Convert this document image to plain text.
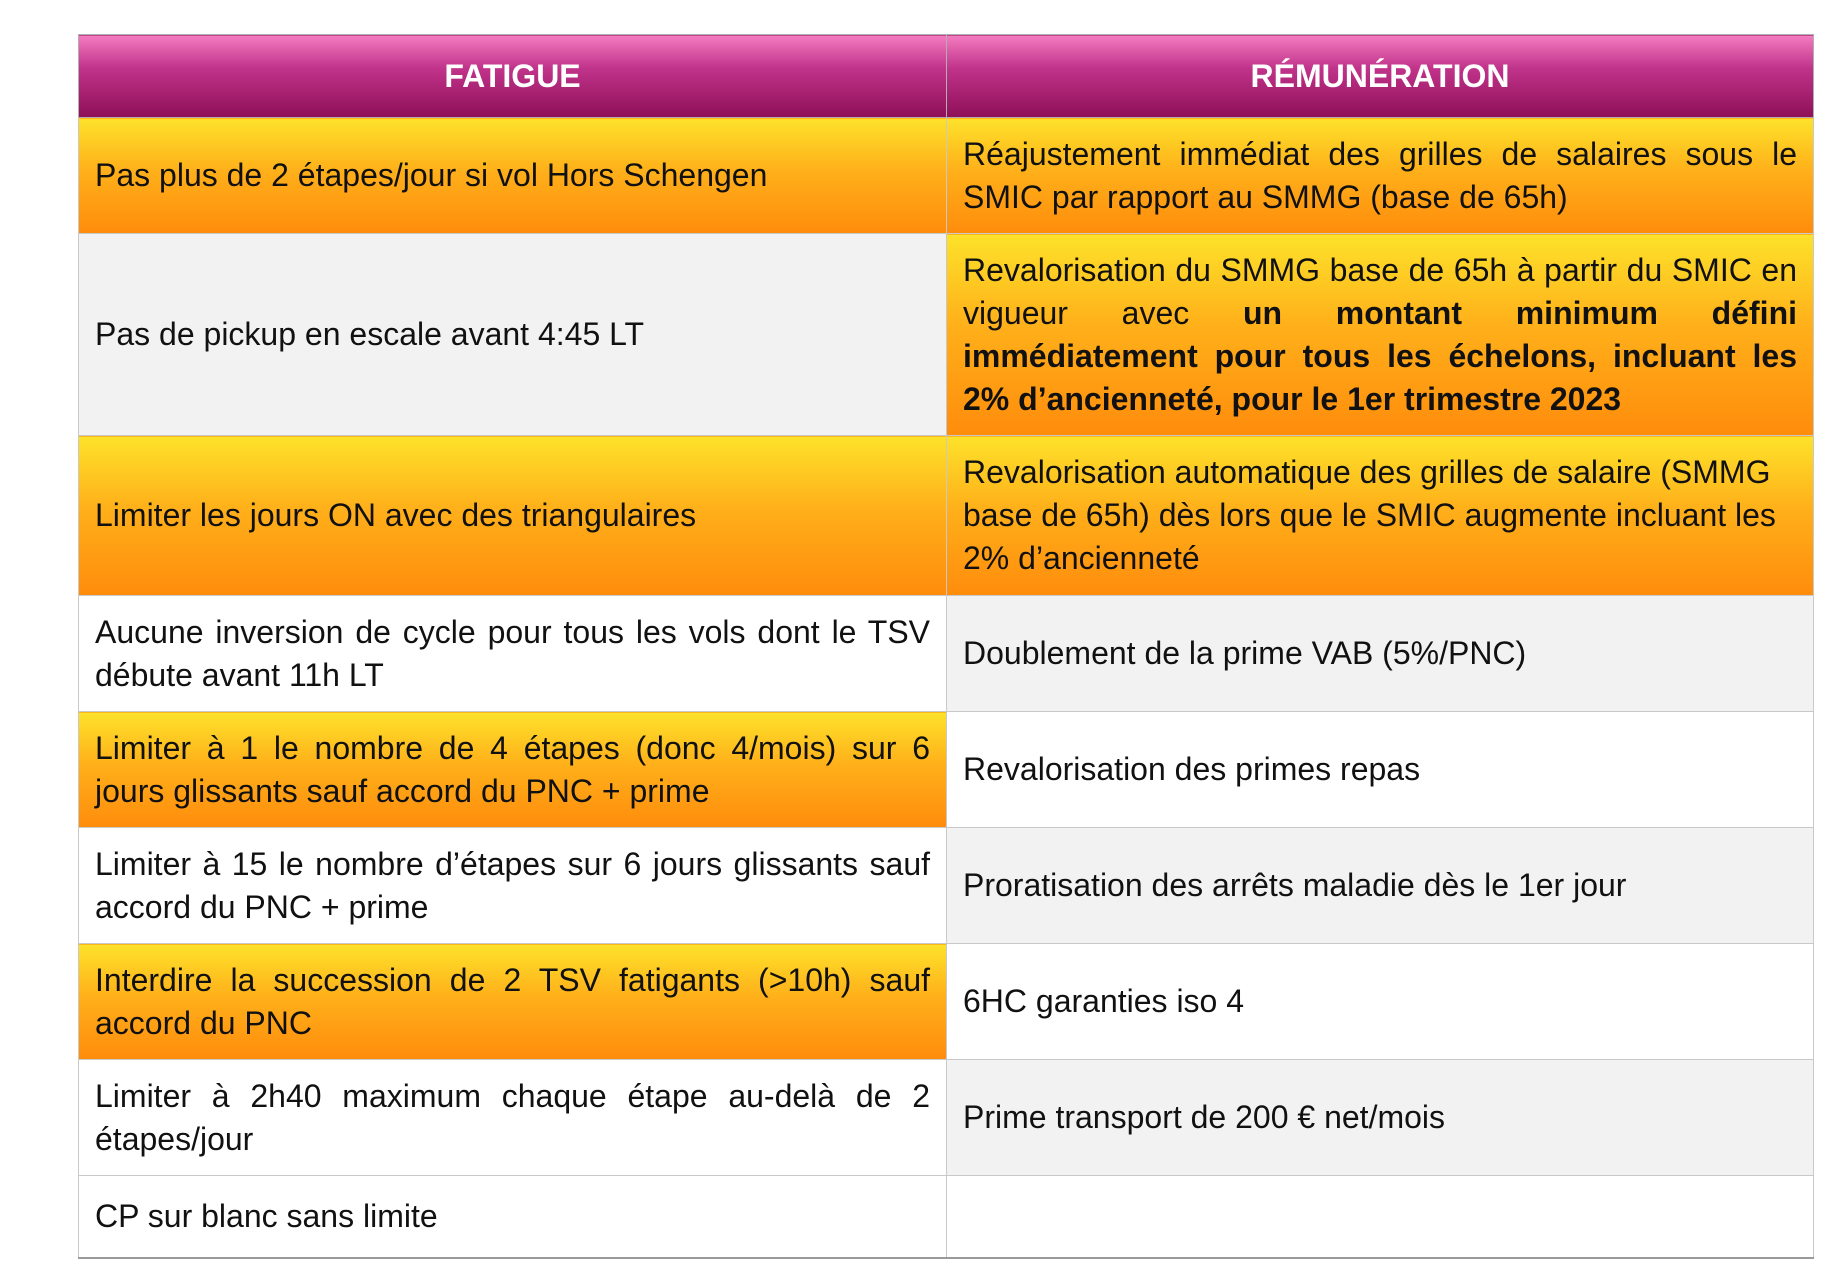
FATIGUE	RÉMUNÉRATION
Pas plus de 2 étapes/jour si vol Hors Schengen	Réajustement immédiat des grilles de salaires sous le SMIC par rapport au SMMG (base de 65h)
Pas de pickup en escale avant 4:45 LT	Revalorisation du SMMG base de 65h à partir du SMIC en vigueur avec un montant minimum défini immédiatement pour tous les échelons, incluant les 2% d’ancienneté, pour le 1er trimestre 2023
Limiter les jours ON avec des triangulaires	Revalorisation automatique des grilles de salaire (SMMG base de 65h) dès lors que le SMIC augmente incluant les 2% d’ancienneté
Aucune inversion de cycle pour tous les vols dont le TSV débute avant 11h LT	Doublement de la prime VAB (5%/PNC)
Limiter à 1 le nombre de 4 étapes (donc 4/mois) sur 6 jours glissants sauf accord du PNC + prime	Revalorisation des primes repas
Limiter à 15 le nombre d’étapes sur 6 jours glissants sauf accord du PNC + prime	Proratisation des arrêts maladie dès le 1er jour
Interdire la succession de 2 TSV fatigants (>10h) sauf accord du PNC	6HC garanties iso 4
Limiter à 2h40 maximum chaque étape au-delà de 2 étapes/jour	Prime transport de 200 € net/mois
CP sur blanc sans limite	
